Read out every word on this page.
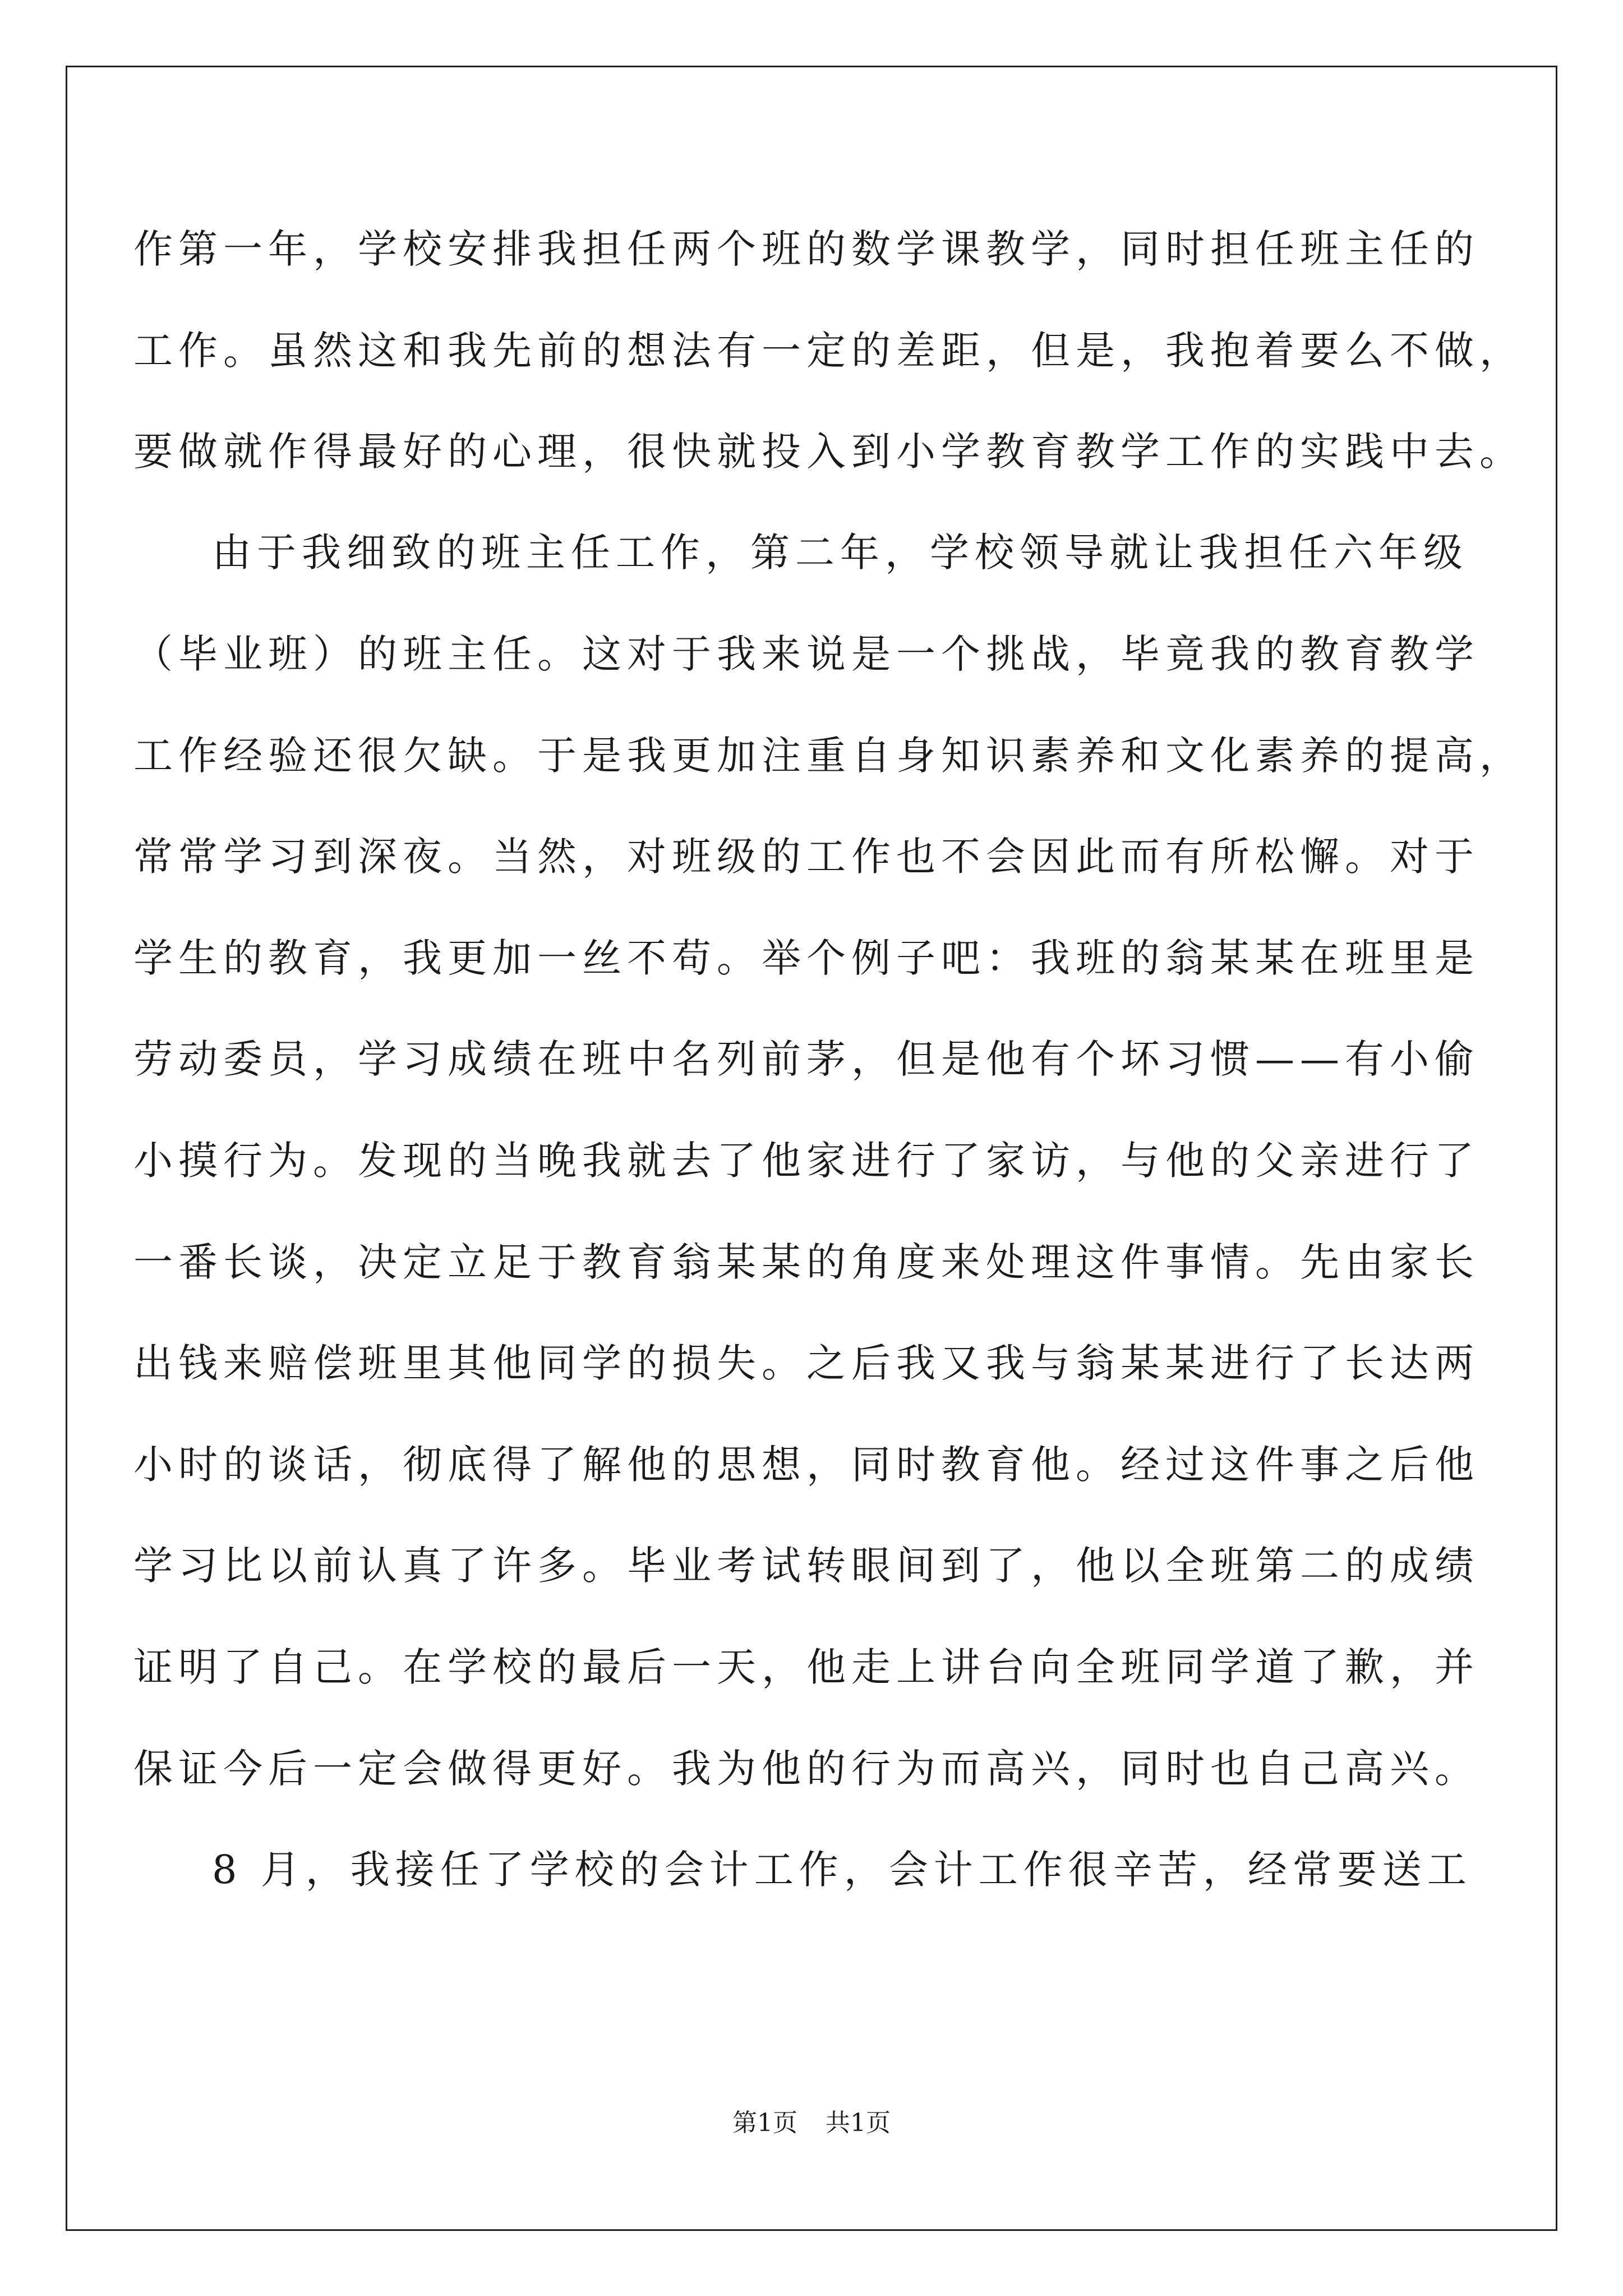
作第一年，学校安排我担任两个班的数学课教学，同时担任班主任的
工作。虽然这和我先前的想法有一定的差距，但是，我抱着要么不做，
要做就作得最好的心理，很快就投入到小学教育教学工作的实践中去。
由于我细致的班主任工作，第二年，学校领导就让我担任六年级
（毕业班）的班主任。这对于我来说是一个挑战，毕竟我的教育教学
工作经验还很欠缺。于是我更加注重自身知识素养和文化素养的提高，
常常学习到深夜。当然，对班级的工作也不会因此而有所松懈。对于
学生的教育，我更加一丝不苟。举个例子吧：我班的翁某某在班里是
劳动委员，学习成绩在班中名列前茅，但是他有个坏习惯——有小偷
小摸行为。发现的当晚我就去了他家进行了家访，与他的父亲进行了
一番长谈，决定立足于教育翁某某的角度来处理这件事情。先由家长
出钱来赔偿班里其他同学的损失。之后我又我与翁某某进行了长达两
小时的谈话，彻底得了解他的思想，同时教育他。经过这件事之后他
学习比以前认真了许多。毕业考试转眼间到了，他以全班第二的成绩
证明了自己。在学校的最后一天，他走上讲台向全班同学道了歉，并
保证今后一定会做得更好。我为他的行为而高兴，同时也自己高兴。
8 月，我接任了学校的会计工作，会计工作很辛苦，经常要送工
第1页 共1页
